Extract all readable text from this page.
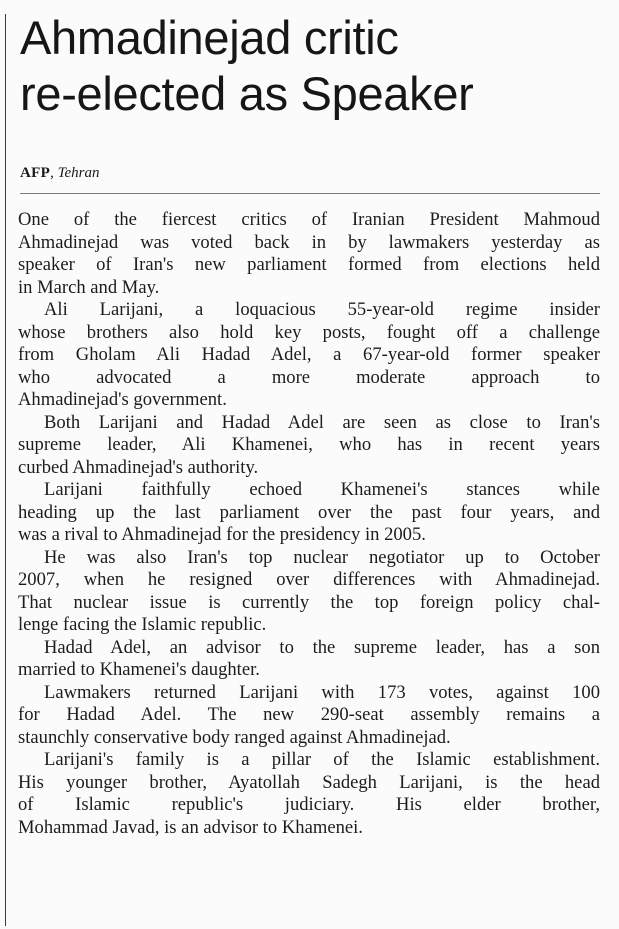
Ahmadinejad critic
re-elected as Speaker
AFP, Tehran
One of the fiercest critics of Iranian President Mahmoud
Ahmadinejad was voted back in by lawmakers yesterday as
speaker of Iran's new parliament formed from elections held
in March and May.
Ali Larijani, a loquacious 55-year-old regime insider
whose brothers also hold key posts, fought off a challenge
from Gholam Ali Hadad Adel, a 67-year-old former speaker
who advocated a more moderate approach to
Ahmadinejad's government.
Both Larijani and Hadad Adel are seen as close to Iran's
supreme leader, Ali Khamenei, who has in recent years
curbed Ahmadinejad's authority.
Larijani faithfully echoed Khamenei's stances while
heading up the last parliament over the past four years, and
was a rival to Ahmadinejad for the presidency in 2005.
He was also Iran's top nuclear negotiator up to October
2007, when he resigned over differences with Ahmadinejad.
That nuclear issue is currently the top foreign policy chal-
lenge facing the Islamic republic.
Hadad Adel, an advisor to the supreme leader, has a son
married to Khamenei's daughter.
Lawmakers returned Larijani with 173 votes, against 100
for Hadad Adel. The new 290-seat assembly remains a
staunchly conservative body ranged against Ahmadinejad.
Larijani's family is a pillar of the Islamic establishment.
His younger brother, Ayatollah Sadegh Larijani, is the head
of Islamic republic's judiciary. His elder brother,
Mohammad Javad, is an advisor to Khamenei.
